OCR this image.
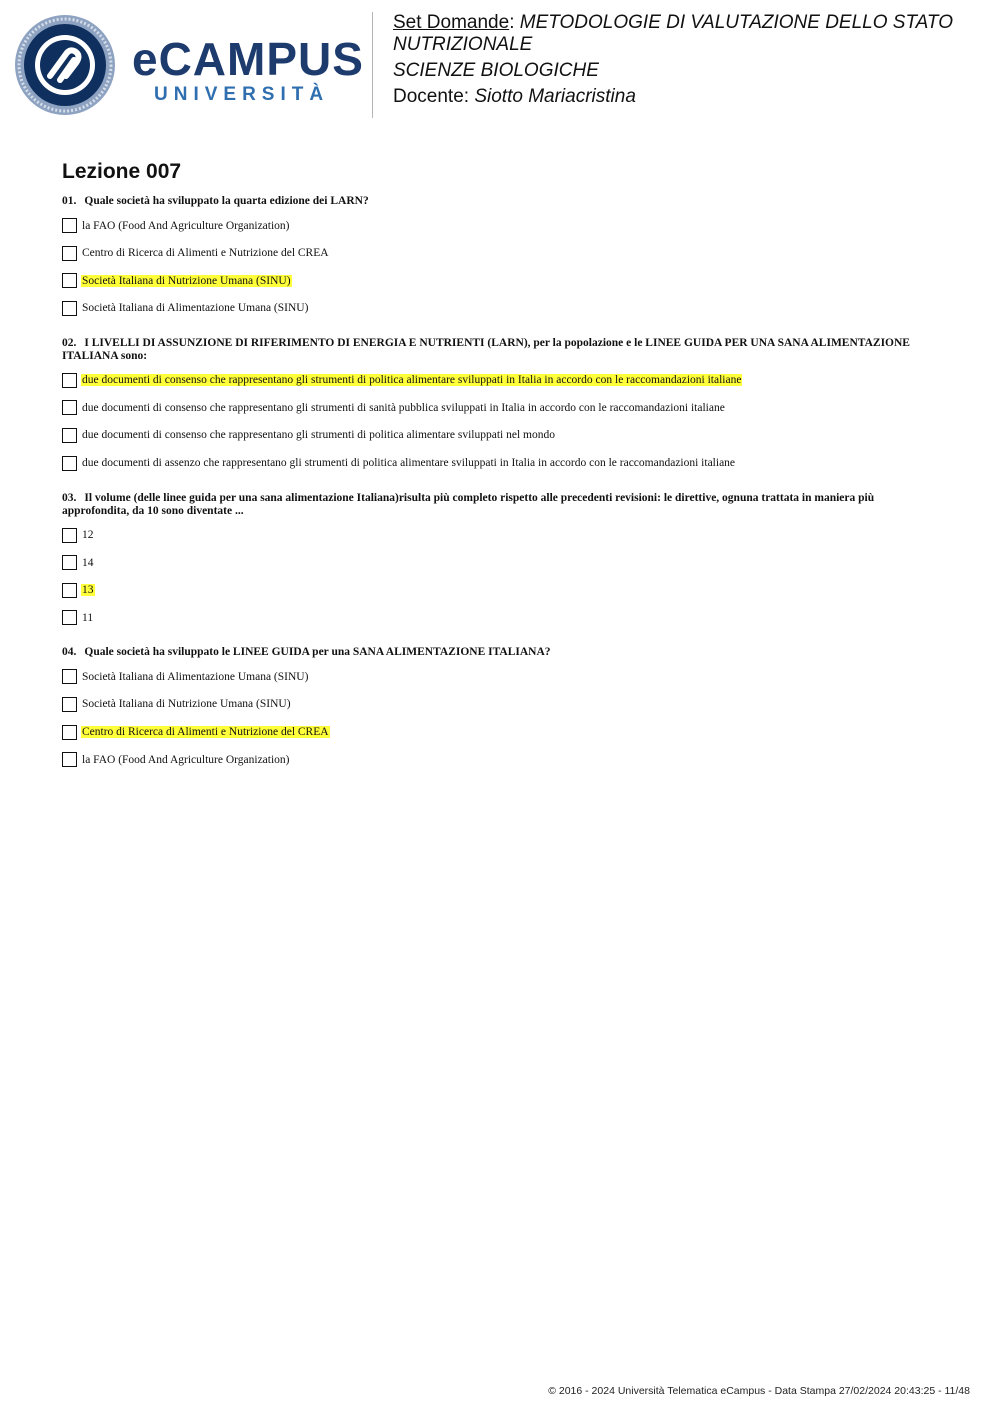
eCAMPUS
UNIVERSITÀ
Set Domande: METODOLOGIE DI VALUTAZIONE DELLO STATO NUTRIZIONALE
SCIENZE BIOLOGICHE
Docente: Siotto Mariacristina
Lezione 007
01. Quale società ha sviluppato la quarta edizione dei LARN?
la FAO (Food And Agriculture Organization)
Centro di Ricerca di Alimenti e Nutrizione del CREA
Società Italiana di Nutrizione Umana (SINU)
Società Italiana di Alimentazione Umana (SINU)
02. I LIVELLI DI ASSUNZIONE DI RIFERIMENTO DI ENERGIA E NUTRIENTI (LARN), per la popolazione e le LINEE GUIDA PER UNA SANA ALIMENTAZIONE ITALIANA sono:
due documenti di consenso che rappresentano gli strumenti di politica alimentare sviluppati in Italia in accordo con le raccomandazioni italiane
due documenti di consenso che rappresentano gli strumenti di sanità pubblica sviluppati in Italia in accordo con le raccomandazioni italiane
due documenti di consenso che rappresentano gli strumenti di politica alimentare sviluppati nel mondo
due documenti di assenzo che rappresentano gli strumenti di politica alimentare sviluppati in Italia in accordo con le raccomandazioni italiane
03. Il volume (delle linee guida per una sana alimentazione Italiana)risulta più completo rispetto alle precedenti revisioni: le direttive, ognuna trattata in maniera più approfondita, da 10 sono diventate ...
12
14
13
11
04. Quale società ha sviluppato le LINEE GUIDA per una SANA ALIMENTAZIONE ITALIANA?
Società Italiana di Alimentazione Umana (SINU)
Società Italiana di Nutrizione Umana (SINU)
Centro di Ricerca di Alimenti e Nutrizione del CREA
la FAO (Food And Agriculture Organization)
© 2016 - 2024 Università Telematica eCampus - Data Stampa 27/02/2024 20:43:25 - 11/48
